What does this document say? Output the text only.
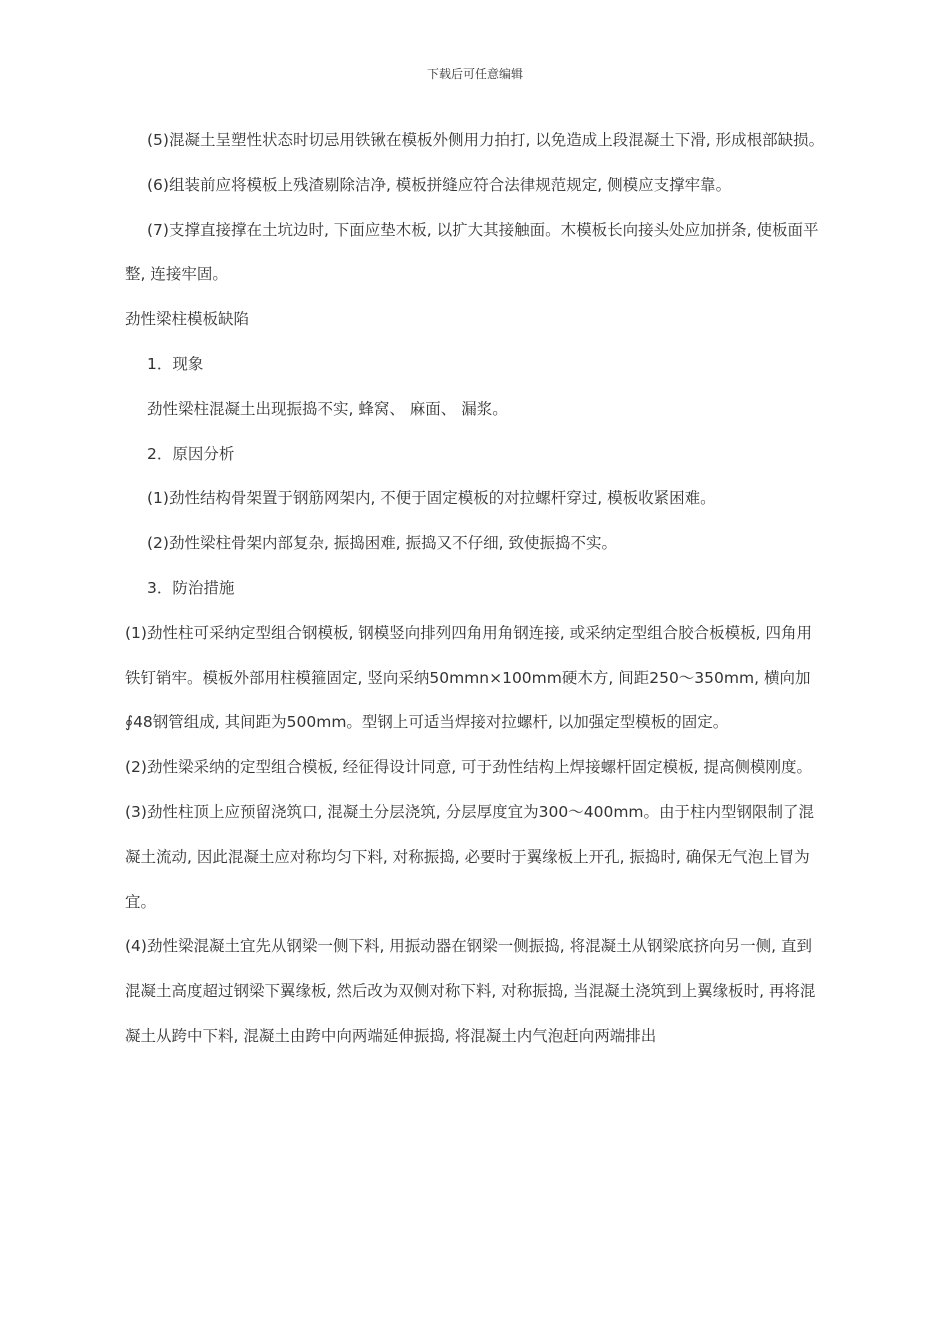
下载后可任意编辑

(5)混凝土呈塑性状态时切忌用铁锹在模板外侧用力拍打, 以免造成上段混凝土下滑, 形成根部缺损。

(6)组装前应将模板上残渣剔除洁净, 模板拼缝应符合法律规范规定, 侧模应支撑牢靠。

(7)支撑直接撑在土坑边时, 下面应垫木板, 以扩大其接触面。木模板长向接头处应加拼条, 使板面平整, 连接牢固。

劲性梁柱模板缺陷

1．现象

劲性梁柱混凝土出现振捣不实, 蜂窝、 麻面、 漏浆。

2．原因分析

(1)劲性结构骨架置于钢筋网架内, 不便于固定模板的对拉螺杆穿过, 模板收紧困难。

(2)劲性梁柱骨架内部复杂, 振捣困难, 振捣又不仔细, 致使振捣不实。

3．防治措施

(1)劲性柱可采纳定型组合钢模板, 钢模竖向排列四角用角钢连接, 或采纳定型组合胶合板模板, 四角用铁钉销牢。模板外部用柱模箍固定, 竖向采纳50mmn×100mm硬木方, 间距250～350mm, 横向加∮48钢管组成, 其间距为500mm。型钢上可适当焊接对拉螺杆, 以加强定型模板的固定。

(2)劲性梁采纳的定型组合模板, 经征得设计同意, 可于劲性结构上焊接螺杆固定模板, 提高侧模刚度。

(3)劲性柱顶上应预留浇筑口, 混凝土分层浇筑, 分层厚度宜为300～400mm。由于柱内型钢限制了混凝土流动, 因此混凝土应对称均匀下料, 对称振捣, 必要时于翼缘板上开孔, 振捣时, 确保无气泡上冒为宜。

(4)劲性梁混凝土宜先从钢梁一侧下料, 用振动器在钢梁一侧振捣, 将混凝土从钢梁底挤向另一侧, 直到混凝土高度超过钢梁下翼缘板, 然后改为双侧对称下料, 对称振捣, 当混凝土浇筑到上翼缘板时, 再将混凝土从跨中下料, 混凝土由跨中向两端延伸振捣, 将混凝土内气泡赶向两端排出
